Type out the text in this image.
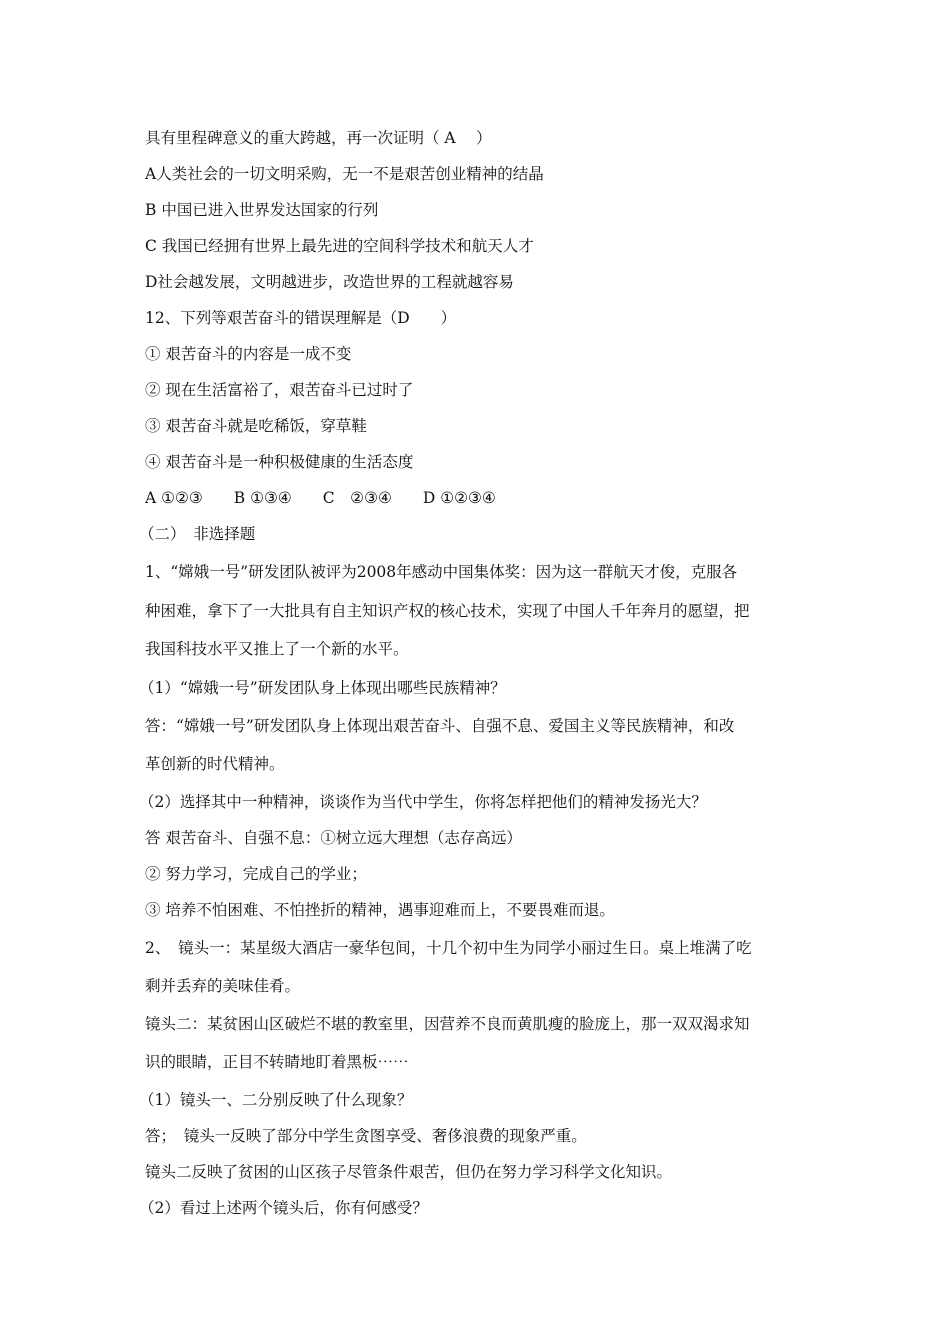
具有里程碑意义的重大跨越，再一次证明（ A　 ）
A人类社会的一切文明采购，无一不是艰苦创业精神的结晶
B 中国已进入世界发达国家的行列
C 我国已经拥有世界上最先进的空间科学技术和航天人才
D社会越发展，文明越进步，改造世界的工程就越容易
12、下列等艰苦奋斗的错误理解是（D　　）
① 艰苦奋斗的内容是一成不变
② 现在生活富裕了，艰苦奋斗已过时了
③ 艰苦奋斗就是吃稀饭，穿草鞋
④ 艰苦奋斗是一种积极健康的生活态度
A ①②③　　B ①③④　　C　②③④　　D ①②③④
（二）　非选择题
1、“嫦娥一号”研发团队被评为2008年感动中国集体奖：因为这一群航天才俊，克服各
种困难，拿下了一大批具有自主知识产权的核心技术，实现了中国人千年奔月的愿望，把
我国科技水平又推上了一个新的水平。
（1）“嫦娥一号”研发团队身上体现出哪些民族精神？
答：“嫦娥一号”研发团队身上体现出艰苦奋斗、自强不息、爱国主义等民族精神，和改
革创新的时代精神。
（2）选择其中一种精神，谈谈作为当代中学生，你将怎样把他们的精神发扬光大？
答 艰苦奋斗、自强不息：①树立远大理想（志存高远）
② 努力学习，完成自己的学业；
③ 培养不怕困难、不怕挫折的精神，遇事迎难而上，不要畏难而退。
2、　镜头一：某星级大酒店一豪华包间，十几个初中生为同学小丽过生日。桌上堆满了吃
剩并丢弃的美味佳肴。
镜头二：某贫困山区破烂不堪的教室里，因营养不良而黄肌瘦的脸庞上，那一双双渴求知
识的眼睛，正目不转睛地盯着黑板⋯⋯
（1）镜头一、二分别反映了什么现象？
答；　镜头一反映了部分中学生贪图享受、奢侈浪费的现象严重。
镜头二反映了贫困的山区孩子尽管条件艰苦，但仍在努力学习科学文化知识。
（2）看过上述两个镜头后，你有何感受？
